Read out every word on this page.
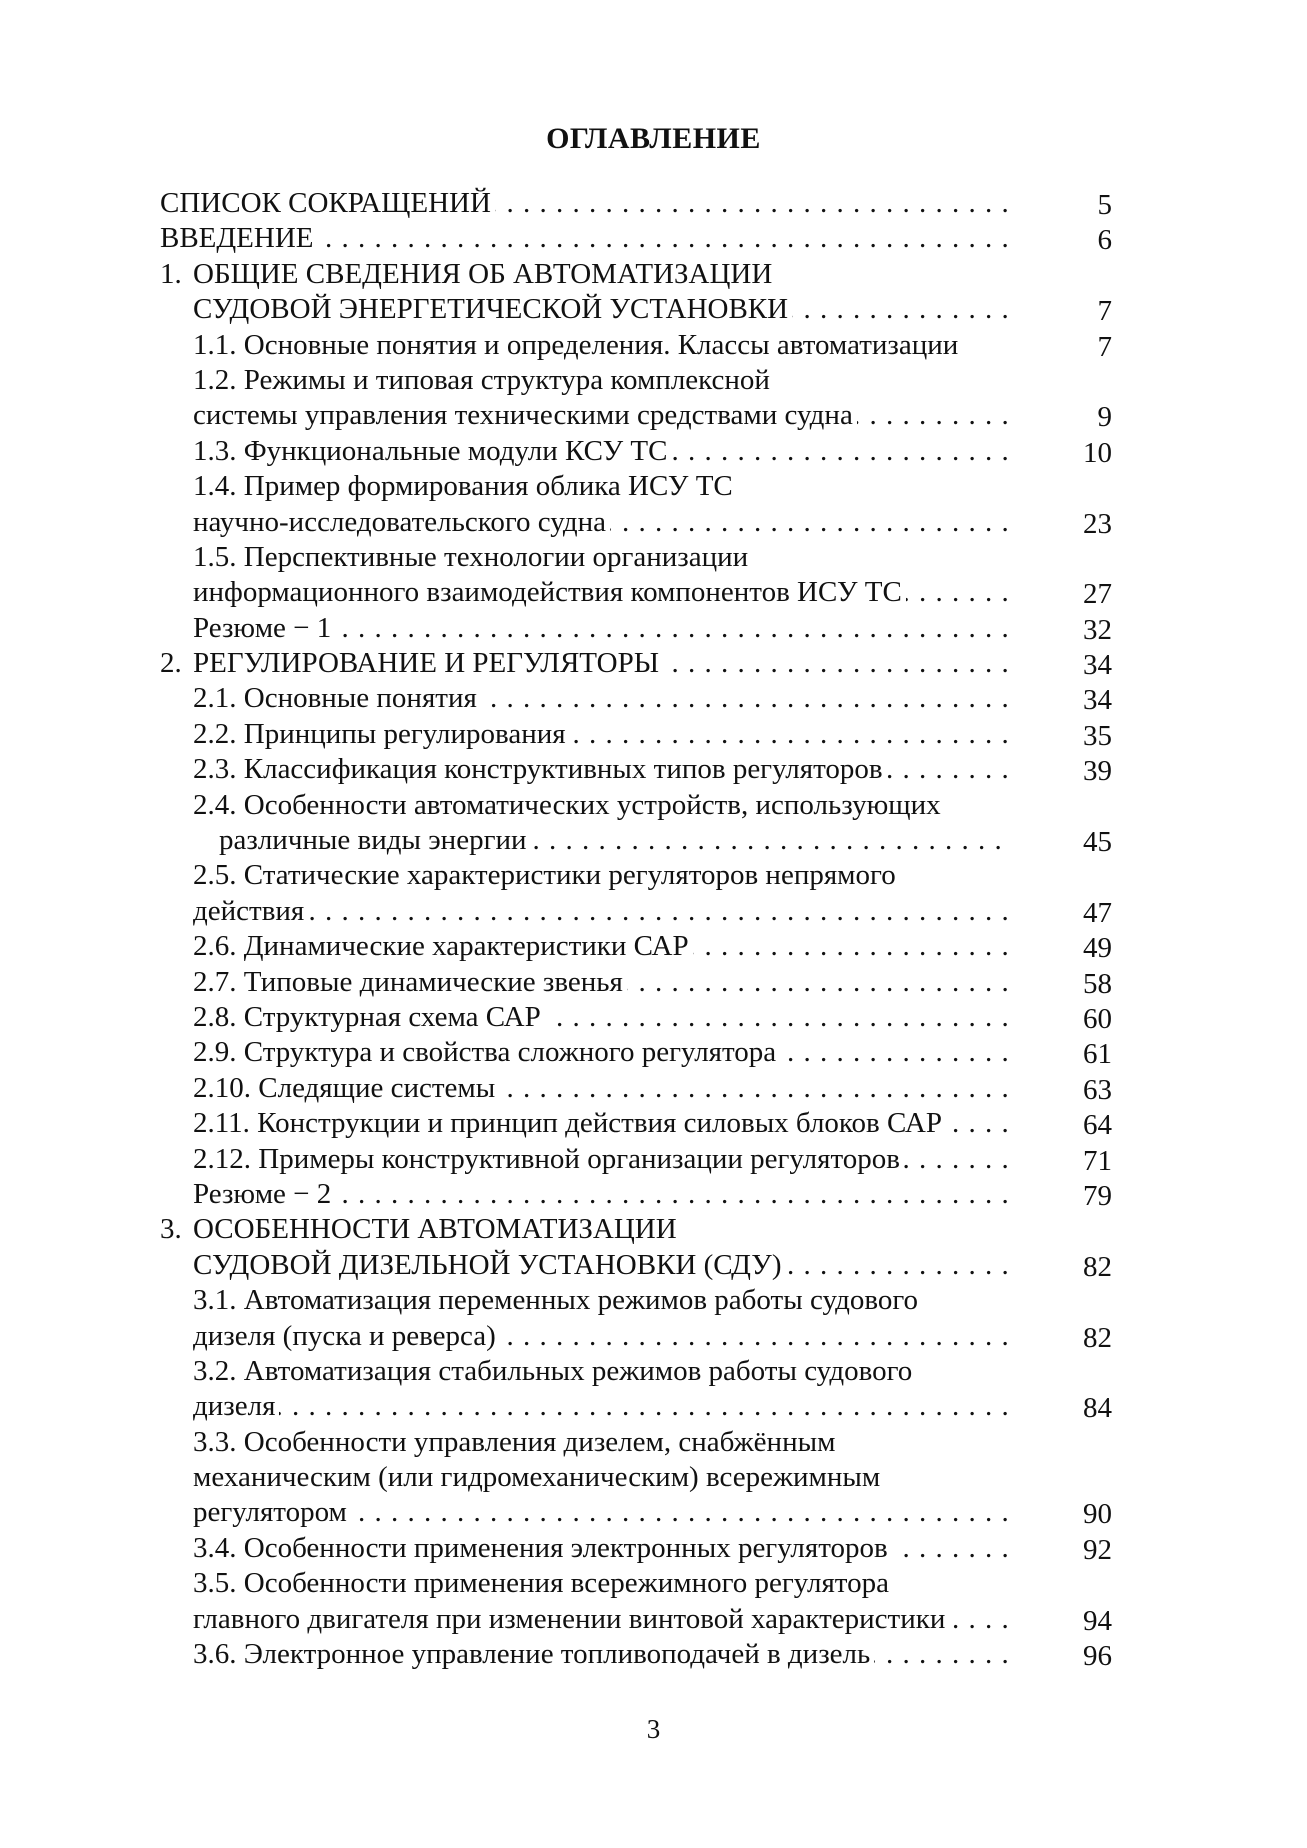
ОГЛАВЛЕНИЕ
СПИСОК СОКРАЩЕНИЙ . . .	5
ВВЕДЕНИЕ . . .	6
1. ОБЩИЕ СВЕДЕНИЯ ОБ АВТОМАТИЗАЦИИ
СУДОВОЙ ЭНЕРГЕТИЧЕСКОЙ УСТАНОВКИ . . .	7
1.1. Основные понятия и определения. Классы автоматизации	7
1.2. Режимы и типовая структура комплексной
системы управления техническими средствами судна . . .	9
1.3. Функциональные модули КСУ ТС . . .	10
1.4. Пример формирования облика ИСУ ТС
научно-исследовательского судна . . .	23
1.5. Перспективные технологии организации
информационного взаимодействия компонентов ИСУ ТС . . .	27
Резюме − 1 . . .	32
2. РЕГУЛИРОВАНИЕ И РЕГУЛЯТОРЫ . . .	34
2.1. Основные понятия . . .	34
2.2. Принципы регулирования . . .	35
2.3. Классификация конструктивных типов регуляторов . . .	39
2.4. Особенности автоматических устройств, использующих
различные виды энергии . . .	45
2.5. Статические характеристики регуляторов непрямого
действия . . .	47
2.6. Динамические характеристики САР . . .	49
2.7. Типовые динамические звенья . . .	58
2.8. Структурная схема САР . . .	60
2.9. Структура и свойства сложного регулятора . . .	61
2.10. Следящие системы . . .	63
2.11. Конструкции и принцип действия силовых блоков САР . . .	64
2.12. Примеры конструктивной организации регуляторов . . .	71
Резюме − 2 . . .	79
3. ОСОБЕННОСТИ АВТОМАТИЗАЦИИ
СУДОВОЙ ДИЗЕЛЬНОЙ УСТАНОВКИ (СДУ) . . .	82
3.1. Автоматизация переменных режимов работы судового
дизеля (пуска и реверса) . . .	82
3.2. Автоматизация стабильных режимов работы судового
дизеля . . .	84
3.3. Особенности управления дизелем, снабжённым
механическим (или гидромеханическим) всережимным
регулятором . . .	90
3.4. Особенности применения электронных регуляторов . . .	92
3.5. Особенности применения всережимного регулятора
главного двигателя при изменении винтовой характеристики . . .	94
3.6. Электронное управление топливоподачей в дизель . . .	96
3
